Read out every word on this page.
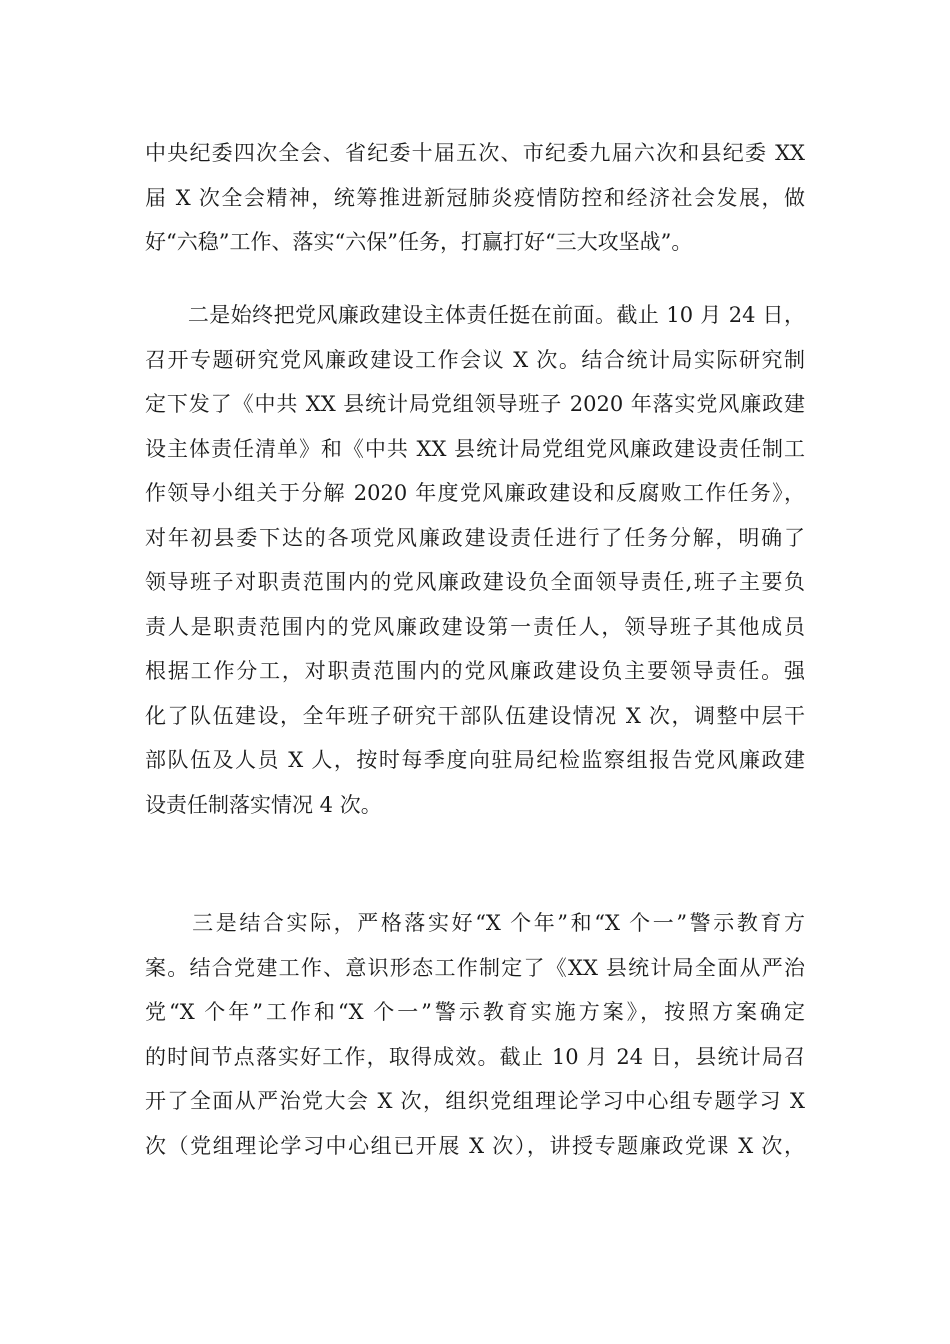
中央纪委四次全会、省纪委十届五次、市纪委九届六次和县纪委 XX
届 X 次全会精神，统筹推进新冠肺炎疫情防控和经济社会发展，做
好“六稳”工作、落实“六保”任务，打赢打好“三大攻坚战”。

　　二是始终把党风廉政建设主体责任挺在前面。截止 10 月 24 日，
召开专题研究党风廉政建设工作会议 X 次。结合统计局实际研究制
定下发了《中共 XX 县统计局党组领导班子 2020 年落实党风廉政建
设主体责任清单》和《中共 XX 县统计局党组党风廉政建设责任制工
作领导小组关于分解 2020 年度党风廉政建设和反腐败工作任务》，
对年初县委下达的各项党风廉政建设责任进行了任务分解，明确了
领导班子对职责范围内的党风廉政建设负全面领导责任,班子主要负
责人是职责范围内的党风廉政建设第一责任人，领导班子其他成员
根据工作分工，对职责范围内的党风廉政建设负主要领导责任。强
化了队伍建设，全年班子研究干部队伍建设情况 X 次，调整中层干
部队伍及人员 X 人，按时每季度向驻局纪检监察组报告党风廉政建
设责任制落实情况 4 次。

　　三是结合实际，严格落实好“X 个年”和“X 个一”警示教育方
案。结合党建工作、意识形态工作制定了《XX 县统计局全面从严治
党“X 个年”工作和“X 个一”警示教育实施方案》，按照方案确定
的时间节点落实好工作，取得成效。截止 10 月 24 日，县统计局召
开了全面从严治党大会 X 次，组织党组理论学习中心组专题学习 X
次（党组理论学习中心组已开展 X 次），讲授专题廉政党课 X 次，
